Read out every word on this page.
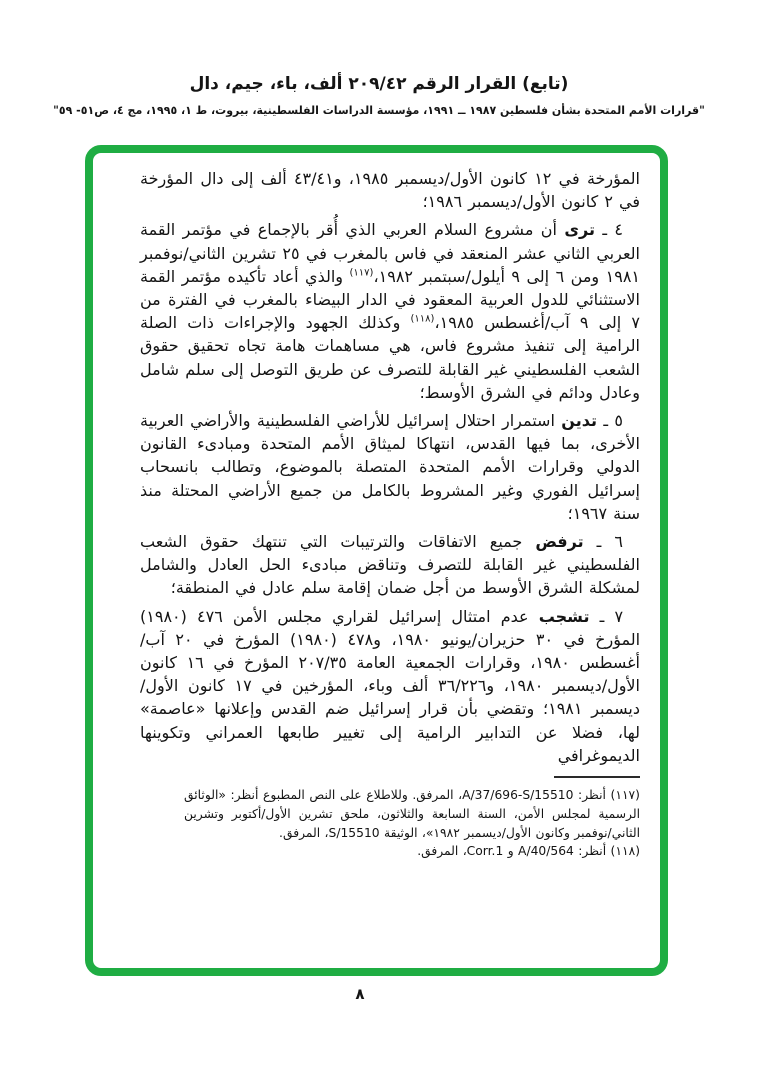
(تابع) القرار الرقم ٢٠٩/٤٢ ألف، باء، جيم، دال
"قرارات الأمم المتحدة بشأن فلسطين ١٩٨٧ ــ ١٩٩١، مؤسسة الدراسات الفلسطينية، بيروت، ط ١، ١٩٩٥، مج ٤، ص٥١- ٥٩"

المؤرخة في ١٢ كانون الأول/ديسمبر ١٩٨٥، و٤٣/٤١ ألف إلى دال المؤرخة في ٢ كانون الأول/ديسمبر ١٩٨٦؛

٤ ـ ترى أن مشروع السلام العربي الذي أُقر بالإجماع في مؤتمر القمة العربي الثاني عشر المنعقد في فاس بالمغرب في ٢٥ تشرين الثاني/نوفمبر ١٩٨١ ومن ٦ إلى ٩ أيلول/سبتمبر ١٩٨٢،$^{(١١٧)}$ والذي أعاد تأكيده مؤتمر القمة الاستثنائي للدول العربية المعقود في الدار البيضاء بالمغرب في الفترة من ٧ إلى ٩ آب/أغسطس ١٩٨٥،$^{(١١٨)}$ وكذلك الجهود والإجراءات ذات الصلة الرامية إلى تنفيذ مشروع فاس، هي مساهمات هامة تجاه تحقيق حقوق الشعب الفلسطيني غير القابلة للتصرف عن طريق التوصل إلى سلم شامل وعادل ودائم في الشرق الأوسط؛

٥ ـ تدين استمرار احتلال إسرائيل للأراضي الفلسطينية والأراضي العربية الأخرى، بما فيها القدس، انتهاكا لميثاق الأمم المتحدة ومبادىء القانون الدولي وقرارات الأمم المتحدة المتصلة بالموضوع، وتطالب بانسحاب إسرائيل الفوري وغير المشروط بالكامل من جميع الأراضي المحتلة منذ سنة ١٩٦٧؛

٦ ـ ترفض جميع الاتفاقات والترتيبات التي تنتهك حقوق الشعب الفلسطيني غير القابلة للتصرف وتناقض مبادىء الحل العادل والشامل لمشكلة الشرق الأوسط من أجل ضمان إقامة سلم عادل في المنطقة؛

٧ ـ تشجب عدم امتثال إسرائيل لقراري مجلس الأمن ٤٧٦ (١٩٨٠) المؤرخ في ٣٠ حزيران/يونيو ١٩٨٠، و٤٧٨ (١٩٨٠) المؤرخ في ٢٠ آب/أغسطس ١٩٨٠، وقرارات الجمعية العامة ٢٠٧/٣٥ المؤرخ في ١٦ كانون الأول/ديسمبر ١٩٨٠، و٣٦/٢٢٦ ألف وباء، المؤرخين في ١٧ كانون الأول/ديسمبر ١٩٨١؛ وتقضي بأن قرار إسرائيل ضم القدس وإعلانها «عاصمة» لها، فضلا عن التدابير الرامية إلى تغيير طابعها العمراني وتكوينها الديموغرافي

(١١٧) أنظر: A/37/696-S/15510، المرفق. وللاطلاع على النص المطبوع أنظر: «الوثائق الرسمية لمجلس الأمن، السنة السابعة والثلاثون، ملحق تشرين الأول/أكتوبر وتشرين الثاني/نوفمبر وكانون الأول/ديسمبر ١٩٨٢»، الوثيقة S/15510، المرفق.

(١١٨) أنظر: A/40/564 و Corr.1، المرفق.

٨
